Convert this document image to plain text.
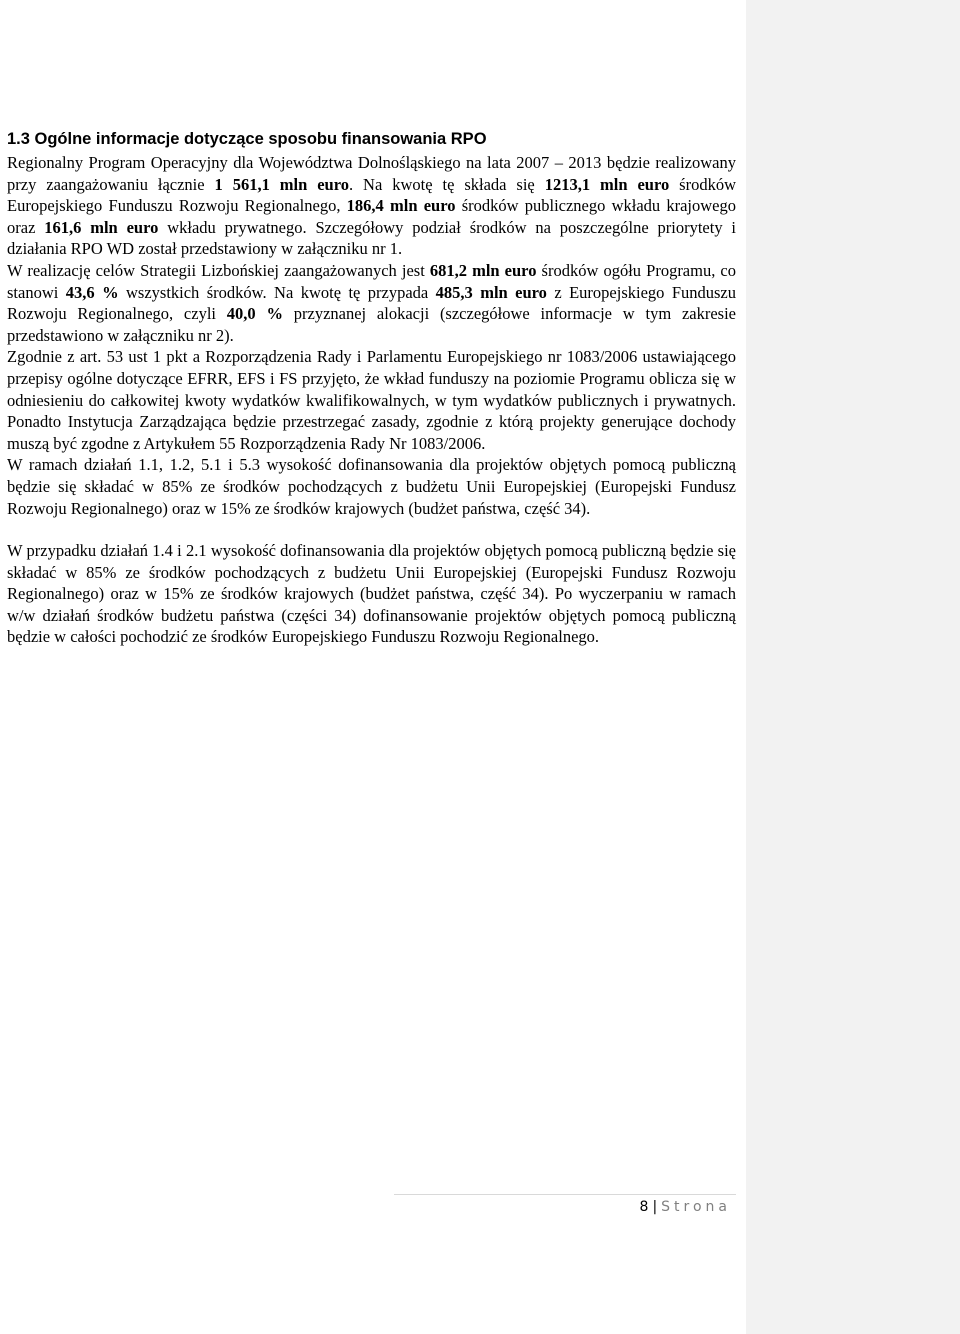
1.3 Ogólne informacje dotyczące sposobu finansowania RPO

Regionalny Program Operacyjny dla Województwa Dolnośląskiego na lata 2007 – 2013 będzie realizowany przy zaangażowaniu łącznie 1 561,1 mln euro. Na kwotę tę składa się 1213,1 mln euro środków Europejskiego Funduszu Rozwoju Regionalnego, 186,4 mln euro środków publicznego wkładu krajowego oraz 161,6 mln euro wkładu prywatnego. Szczegółowy podział środków na poszczególne priorytety i działania RPO WD został przedstawiony w załączniku nr 1.

W realizację celów Strategii Lizbońskiej zaangażowanych jest 681,2 mln euro środków ogółu Programu, co stanowi 43,6 % wszystkich środków. Na kwotę tę przypada 485,3 mln euro z Europejskiego Funduszu Rozwoju Regionalnego, czyli 40,0 % przyznanej alokacji (szczegółowe informacje w tym zakresie przedstawiono w załączniku nr 2).

Zgodnie z art. 53 ust 1 pkt a Rozporządzenia Rady i Parlamentu Europejskiego nr 1083/2006 ustawiającego przepisy ogólne dotyczące EFRR, EFS i FS przyjęto, że wkład funduszy na poziomie Programu oblicza się w odniesieniu do całkowitej kwoty wydatków kwalifikowalnych, w tym wydatków publicznych i prywatnych. Ponadto Instytucja Zarządzająca będzie przestrzegać zasady, zgodnie z którą projekty generujące dochody muszą być zgodne z Artykułem 55 Rozporządzenia Rady Nr 1083/2006.

W ramach działań 1.1, 1.2, 5.1 i 5.3 wysokość dofinansowania dla projektów objętych pomocą publiczną będzie się składać w 85% ze środków pochodzących z budżetu Unii Europejskiej (Europejski Fundusz Rozwoju Regionalnego) oraz w 15% ze środków krajowych (budżet państwa, część 34).

W przypadku działań 1.4 i 2.1 wysokość dofinansowania dla projektów objętych pomocą publiczną będzie się składać w 85% ze środków pochodzących z budżetu Unii Europejskiej (Europejski Fundusz Rozwoju Regionalnego) oraz w 15% ze środków krajowych (budżet państwa, część 34). Po wyczerpaniu w ramach w/w działań środków budżetu państwa (części 34) dofinansowanie projektów objętych pomocą publiczną będzie w całości pochodzić ze środków Europejskiego Funduszu Rozwoju Regionalnego.

8 | Strona
